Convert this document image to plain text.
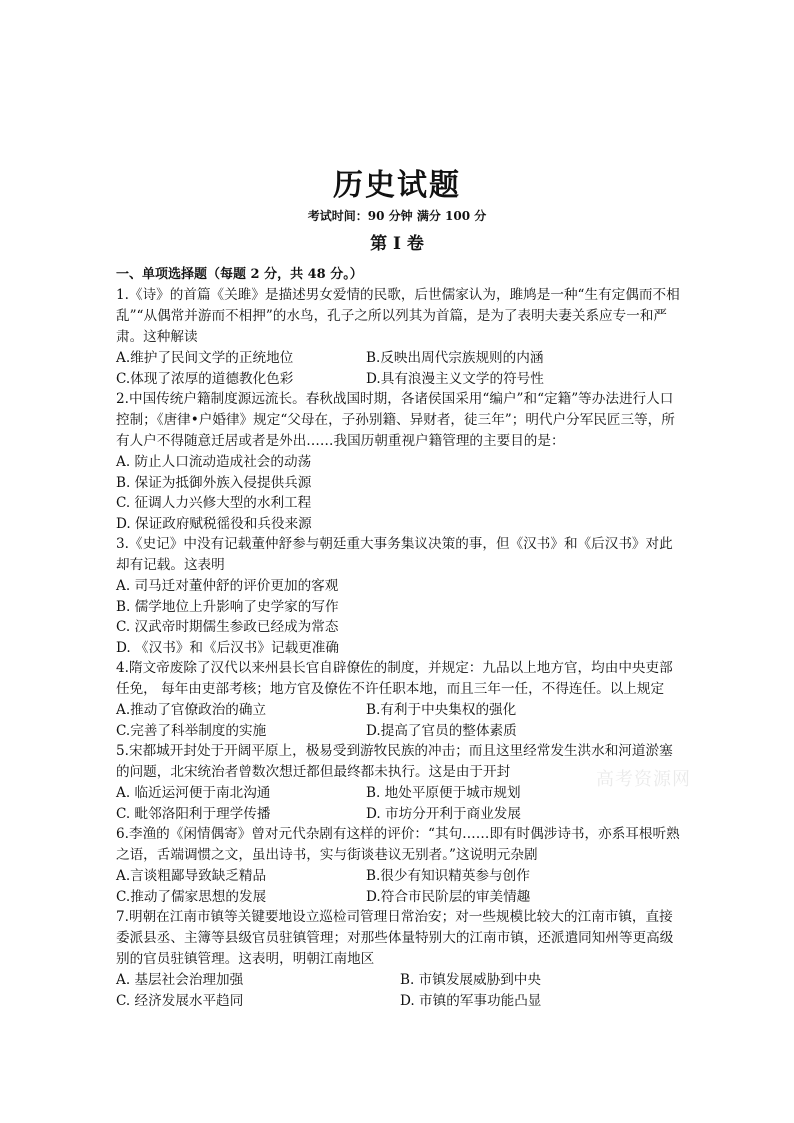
历史试题
考试时间：90 分钟 满分 100 分
第 I 卷
一、单项选择题（每题 2 分，共 48 分。）

1.《诗》的首篇《关雎》是描述男女爱情的民歌，后世儒家认为，雎鸠是一种“生有定偶而不相乱”“从偶常并游而不相押”的水鸟，孔子之所以列其为首篇，是为了表明夫妻关系应专一和严肃。这种解读

A.维护了民间文学的正统地位	B.反映出周代宗族规则的内涵
C.体现了浓厚的道德教化色彩	D.具有浪漫主义文学的符号性

2.中国传统户籍制度源远流长。春秋战国时期，各诸侯国采用“编户”和“定籍”等办法进行人口控制；《唐律•户婚律》规定“父母在，子孙别籍、异财者，徒三年”；明代户分军民匠三等，所有人户不得随意迁居或者是外出……我国历朝重视户籍管理的主要目的是：

A. 防止人口流动造成社会的动荡
B. 保证为抵御外族入侵提供兵源
C. 征调人力兴修大型的水利工程
D. 保证政府赋税徭役和兵役来源

3.《史记》中没有记载董仲舒参与朝廷重大事务集议决策的事，但《汉书》和《后汉书》对此却有记载。这表明

A. 司马迁对董仲舒的评价更加的客观
B. 儒学地位上升影响了史学家的写作
C. 汉武帝时期儒生参政已经成为常态
D. 《汉书》和《后汉书》记载更准确

4.隋文帝废除了汉代以来州县长官自辟僚佐的制度，并规定：九品以上地方官，均由中央吏部任免， 每年由吏部考核；地方官及僚佐不许任职本地，而且三年一任，不得连任。以上规定

A.推动了官僚政治的确立	B.有利于中央集权的强化
C.完善了科举制度的实施	D.提高了官员的整体素质

5.宋都城开封处于开阔平原上，极易受到游牧民族的冲击；而且这里经常发生洪水和河道淤塞的问题，北宋统治者曾数次想迁都但最终都未执行。这是由于开封

A. 临近运河便于南北沟通	B. 地处平原便于城市规划
C. 毗邻洛阳利于理学传播	D. 市坊分开利于商业发展

6.李渔的《闲情偶寄》曾对元代杂剧有这样的评价：“其句……即有时偶涉诗书，亦系耳根听熟之语，舌端调惯之文，虽出诗书，实与街谈巷议无别者。”这说明元杂剧

A.言谈粗鄙导致缺乏精品	B.很少有知识精英参与创作
C.推动了儒家思想的发展	D.符合市民阶层的审美情趣

7.明朝在江南市镇等关键要地设立巡检司管理日常治安；对一些规模比较大的江南市镇，直接委派县丞、主簿等县级官员驻镇管理；对那些体量特别大的江南市镇，还派遣同知州等更高级别的官员驻镇管理。这表明，明朝江南地区

A. 基层社会治理加强	B. 市镇发展威胁到中央
C. 经济发展水平趋同	D. 市镇的军事功能凸显
高考资源网
